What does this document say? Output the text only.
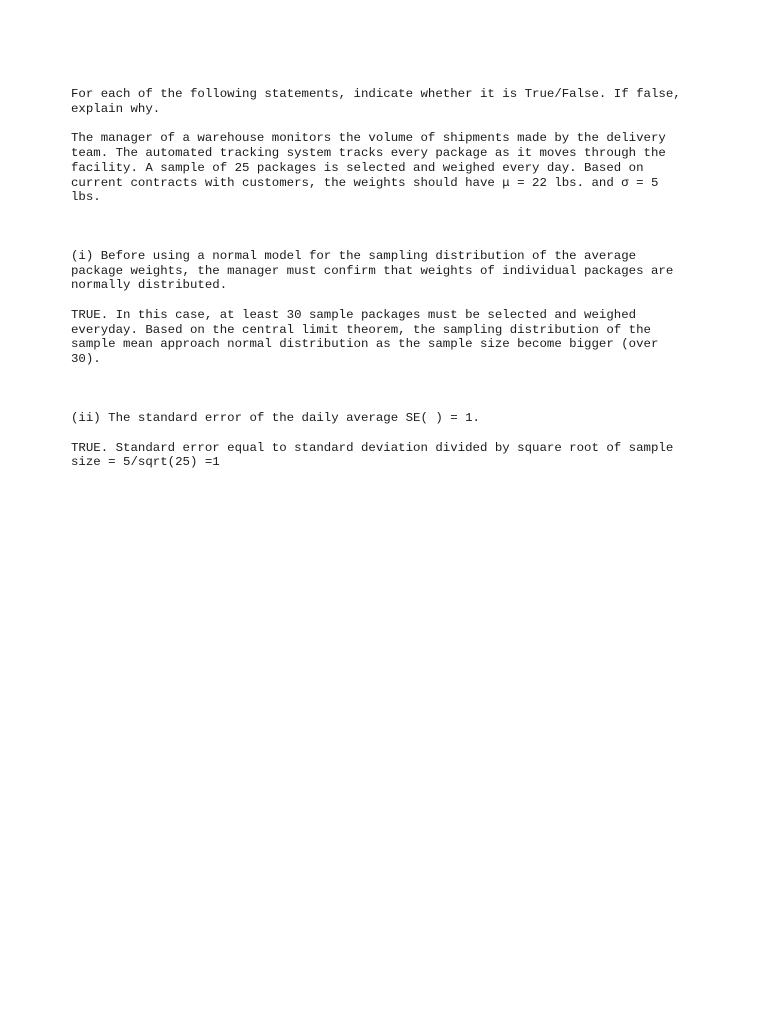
For each of the following statements, indicate whether it is True/False. If false,
explain why.

The manager of a warehouse monitors the volume of shipments made by the delivery
team. The automated tracking system tracks every package as it moves through the
facility. A sample of 25 packages is selected and weighed every day. Based on
current contracts with customers, the weights should have μ = 22 lbs. and σ = 5
lbs.

(i) Before using a normal model for the sampling distribution of the average
package weights, the manager must confirm that weights of individual packages are
normally distributed.

TRUE. In this case, at least 30 sample packages must be selected and weighed
everyday. Based on the central limit theorem, the sampling distribution of the
sample mean approach normal distribution as the sample size become bigger (over
30).

(ii) The standard error of the daily average SE( ) = 1.

TRUE. Standard error equal to standard deviation divided by square root of sample
size = 5/sqrt(25) =1
